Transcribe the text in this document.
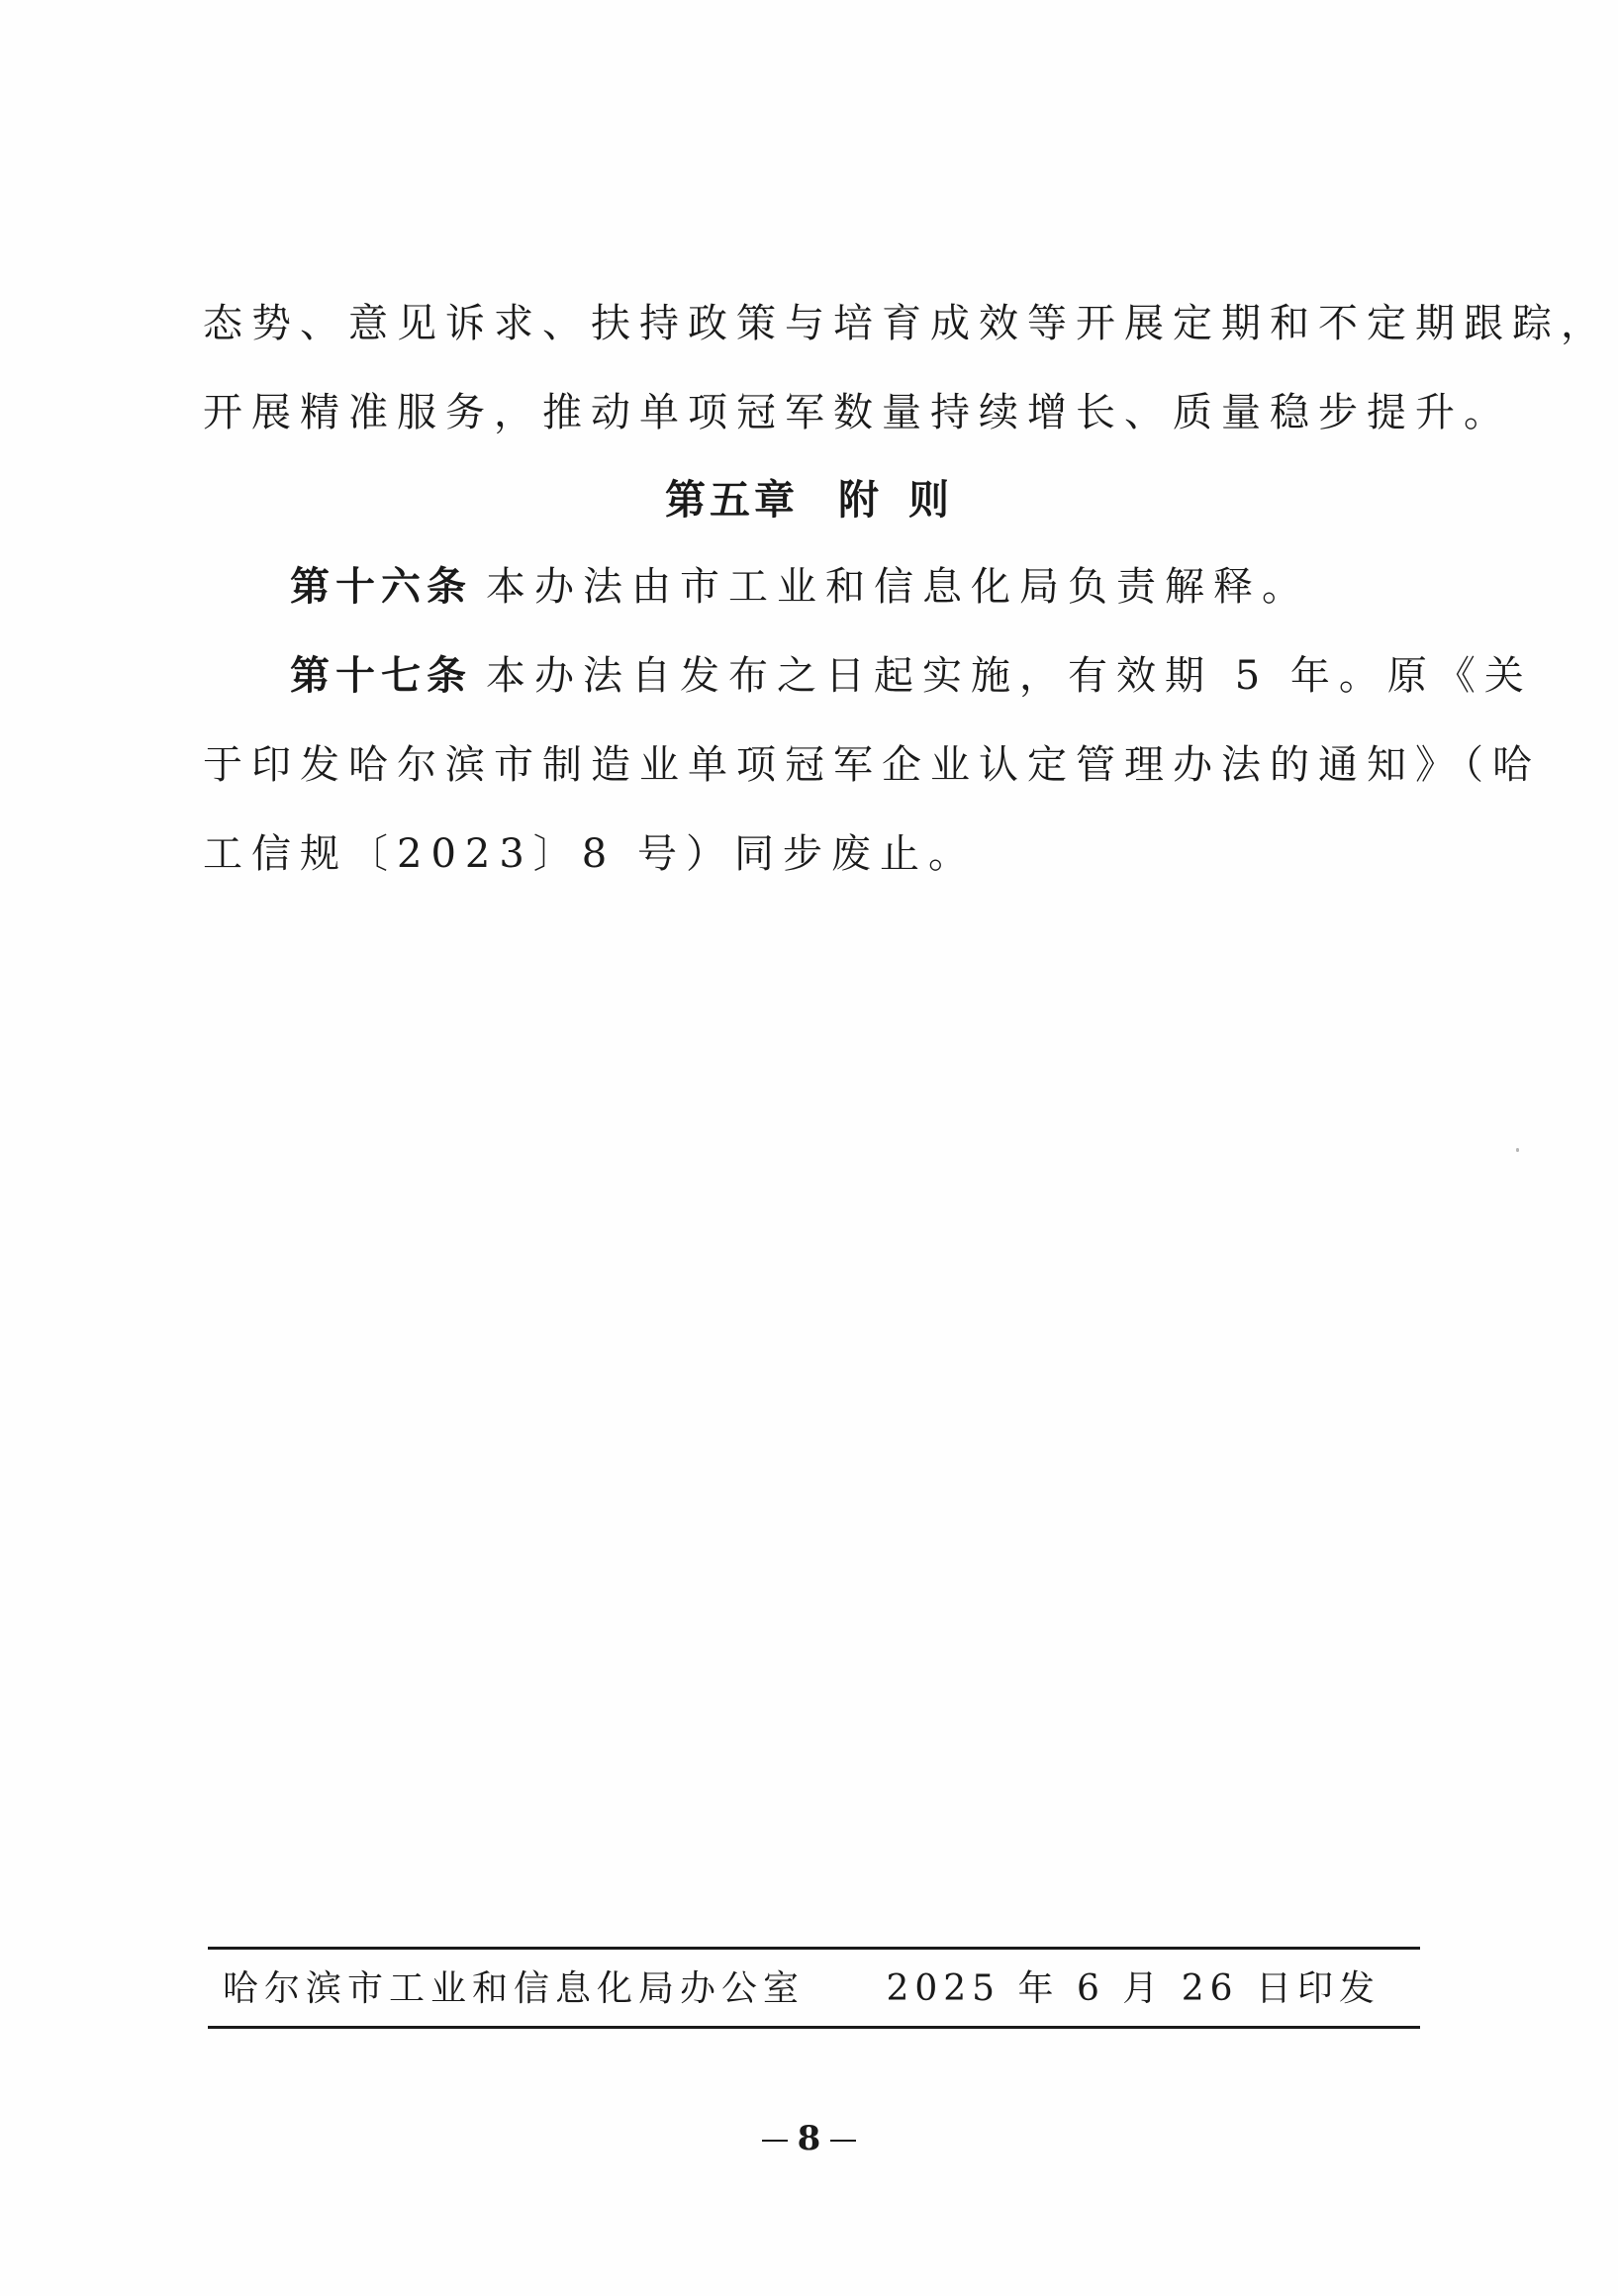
态势、意见诉求、扶持政策与培育成效等开展定期和不定期跟踪，
开展精准服务，推动单项冠军数量持续增长、质量稳步提升。
第五章 附 则
第十六条 本办法由市工业和信息化局负责解释。
第十七条 本办法自发布之日起实施，有效期 5 年。原《关
于印发哈尔滨市制造业单项冠军企业认定管理办法的通知》（哈
工信规〔2023〕8 号）同步废止。
哈尔滨市工业和信息化局办公室 2025 年 6 月 26 日印发
8
